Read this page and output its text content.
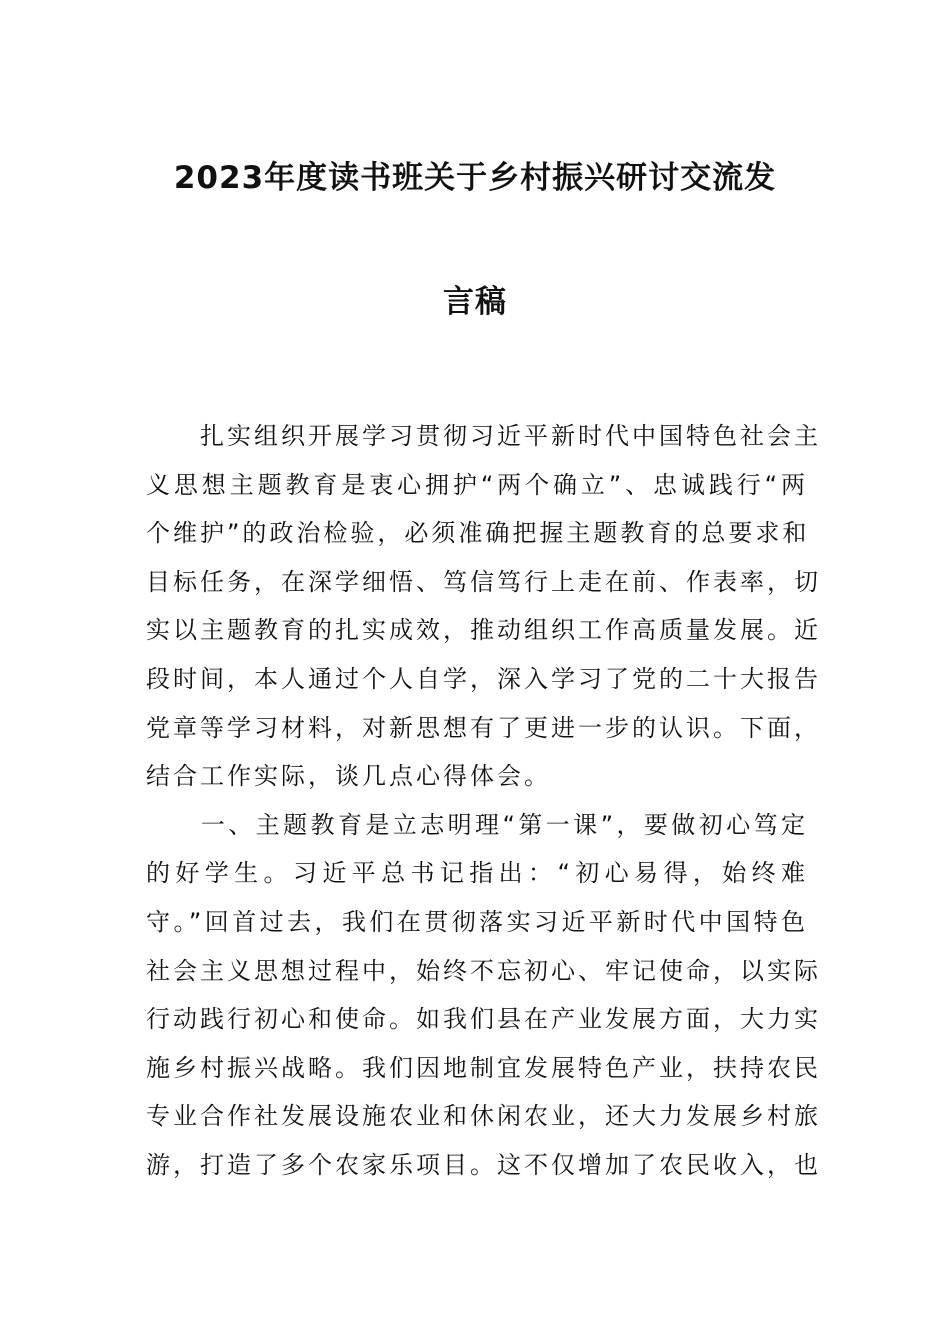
2023年度读书班关于乡村振兴研讨交流发
言稿
　　扎实组织开展学习贯彻习近平新时代中国特色社会主
义思想主题教育是衷心拥护“两个确立”、忠诚践行“两
个维护”的政治检验，必须准确把握主题教育的总要求和
目标任务，在深学细悟、笃信笃行上走在前、作表率，切
实以主题教育的扎实成效，推动组织工作高质量发展。近
段时间，本人通过个人自学，深入学习了党的二十大报告
党章等学习材料，对新思想有了更进一步的认识。下面，
结合工作实际，谈几点心得体会。
　　一、主题教育是立志明理“第一课”，要做初心笃定
的好学生。习近平总书记指出：“初心易得，始终难
守。”回首过去，我们在贯彻落实习近平新时代中国特色
社会主义思想过程中，始终不忘初心、牢记使命，以实际
行动践行初心和使命。如我们县在产业发展方面，大力实
施乡村振兴战略。我们因地制宜发展特色产业，扶持农民
专业合作社发展设施农业和休闲农业，还大力发展乡村旅
游，打造了多个农家乐项目。这不仅增加了农民收入，也
